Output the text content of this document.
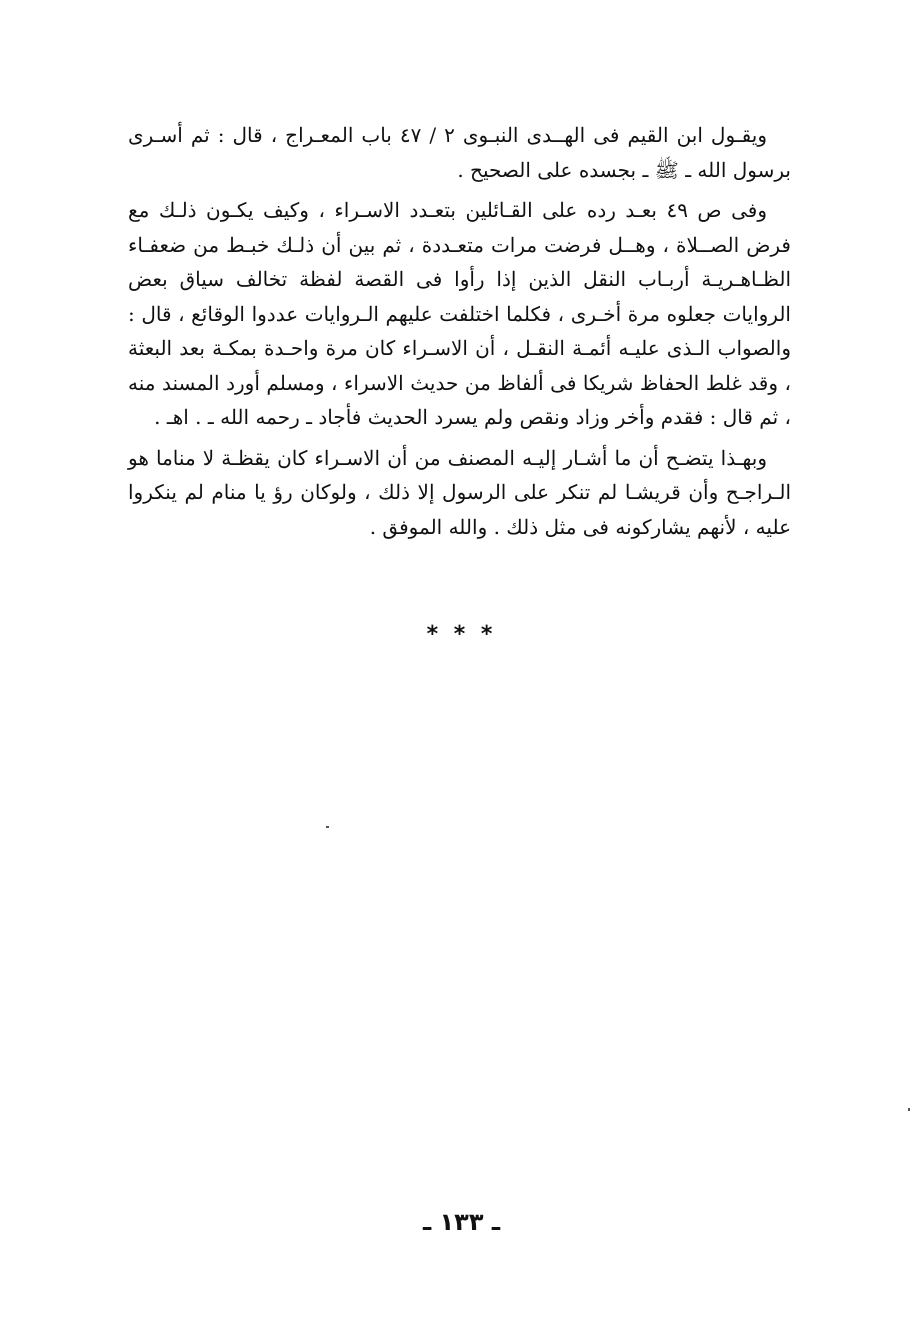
ويقـول ابن القيم فى الهــدى النبـوى ٢ / ٤٧ باب المعـراج ، قال : ثم أسـرى برسول الله ـ ﷺ ـ بجسده على الصحيح .

وفى ص ٤٩ بعـد رده على القـائلين بتعـدد الاسـراء ، وكيف يكـون ذلـك مع فرض الصــلاة ، وهــل فرضت مرات متعـددة ، ثم بين أن ذلـك خبـط من ضعفـاء الظـاهـريـة أربـاب النقل الذين إذا رأوا فى القصة لفظة تخالف سياق بعض الروايات جعلوه مرة أخـرى ، فكلما اختلفت عليهم الـروايات عددوا الوقائع ، قال : والصواب الـذى عليـه أئمـة النقـل ، أن الاسـراء كان مرة واحـدة بمكـة بعد البعثة ، وقد غلط الحفاظ شريكا فى ألفاظ من حديث الاسراء ، ومسلم أورد المسند منه ، ثم قال : فقدم وأخر وزاد ونقص ولم يسرد الحديث فأجاد ـ رحمه الله ـ . اهـ .

وبهـذا يتضـح أن ما أشـار إليـه المصنف من أن الاسـراء كان يقظـة لا مناما هو الـراجـح وأن قريشـا لم تنكر على الرسول إلا ذلك ، ولوكان رؤ يا منام لم ينكروا عليه ، لأنهم يشاركونه فى مثل ذلك . والله الموفق .

* * *
ـ ١٣٣ ـ
